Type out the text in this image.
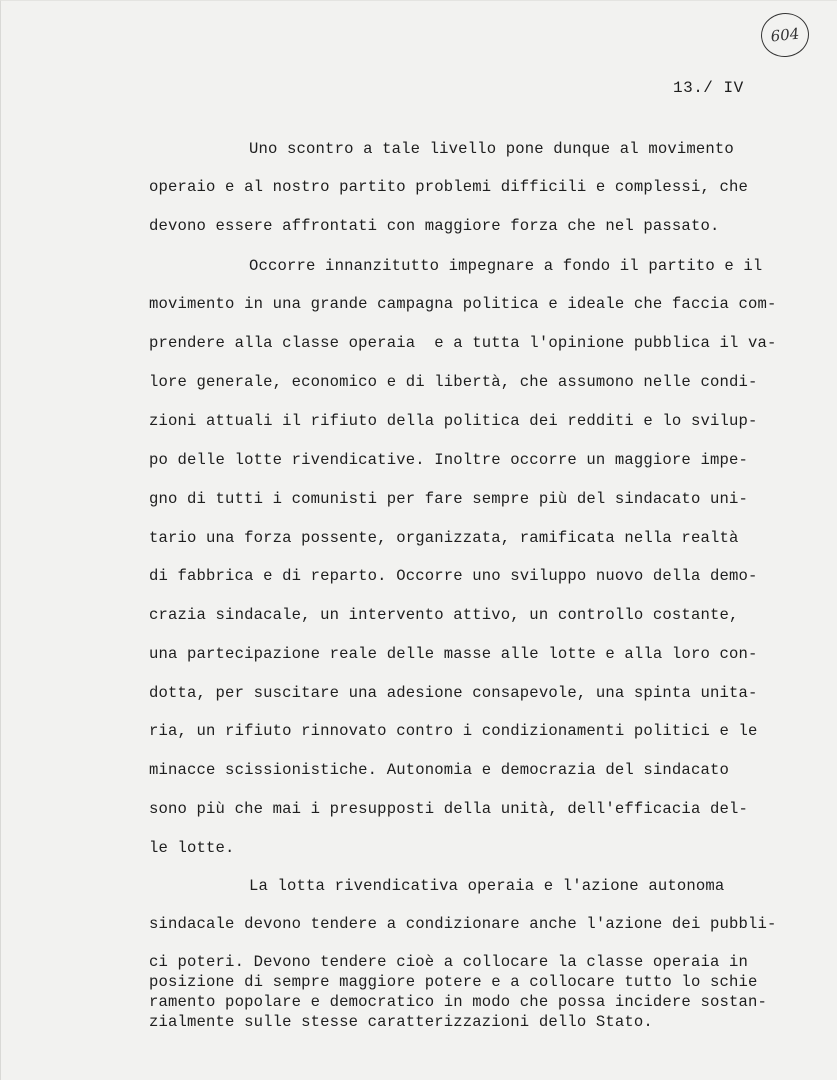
604
13./ IV
Uno scontro a tale livello pone dunque al movimento
operaio e al nostro partito problemi difficili e complessi, che
devono essere affrontati con maggiore forza che nel passato.
Occorre innanzitutto impegnare a fondo il partito e il
movimento in una grande campagna politica e ideale che faccia com-
prendere alla classe operaia  e a tutta l'opinione pubblica il va-
lore generale, economico e di libertà, che assumono nelle condi-
zioni attuali il rifiuto della politica dei redditi e lo svilup-
po delle lotte rivendicative. Inoltre occorre un maggiore impe-
gno di tutti i comunisti per fare sempre più del sindacato uni-
tario una forza possente, organizzata, ramificata nella realtà
di fabbrica e di reparto. Occorre uno sviluppo nuovo della demo-
crazia sindacale, un intervento attivo, un controllo costante,
una partecipazione reale delle masse alle lotte e alla loro con-
dotta, per suscitare una adesione consapevole, una spinta unita-
ria, un rifiuto rinnovato contro i condizionamenti politici e le
minacce scissionistiche. Autonomia e democrazia del sindacato
sono più che mai i presupposti della unità, dell'efficacia del-
le lotte.
La lotta rivendicativa operaia e l'azione autonoma
sindacale devono tendere a condizionare anche l'azione dei pubbli-
ci poteri. Devono tendere cioè a collocare la classe operaia in
posizione di sempre maggiore potere e a collocare tutto lo schie
ramento popolare e democratico in modo che possa incidere sostan-
zialmente sulle stesse caratterizzazioni dello Stato.
